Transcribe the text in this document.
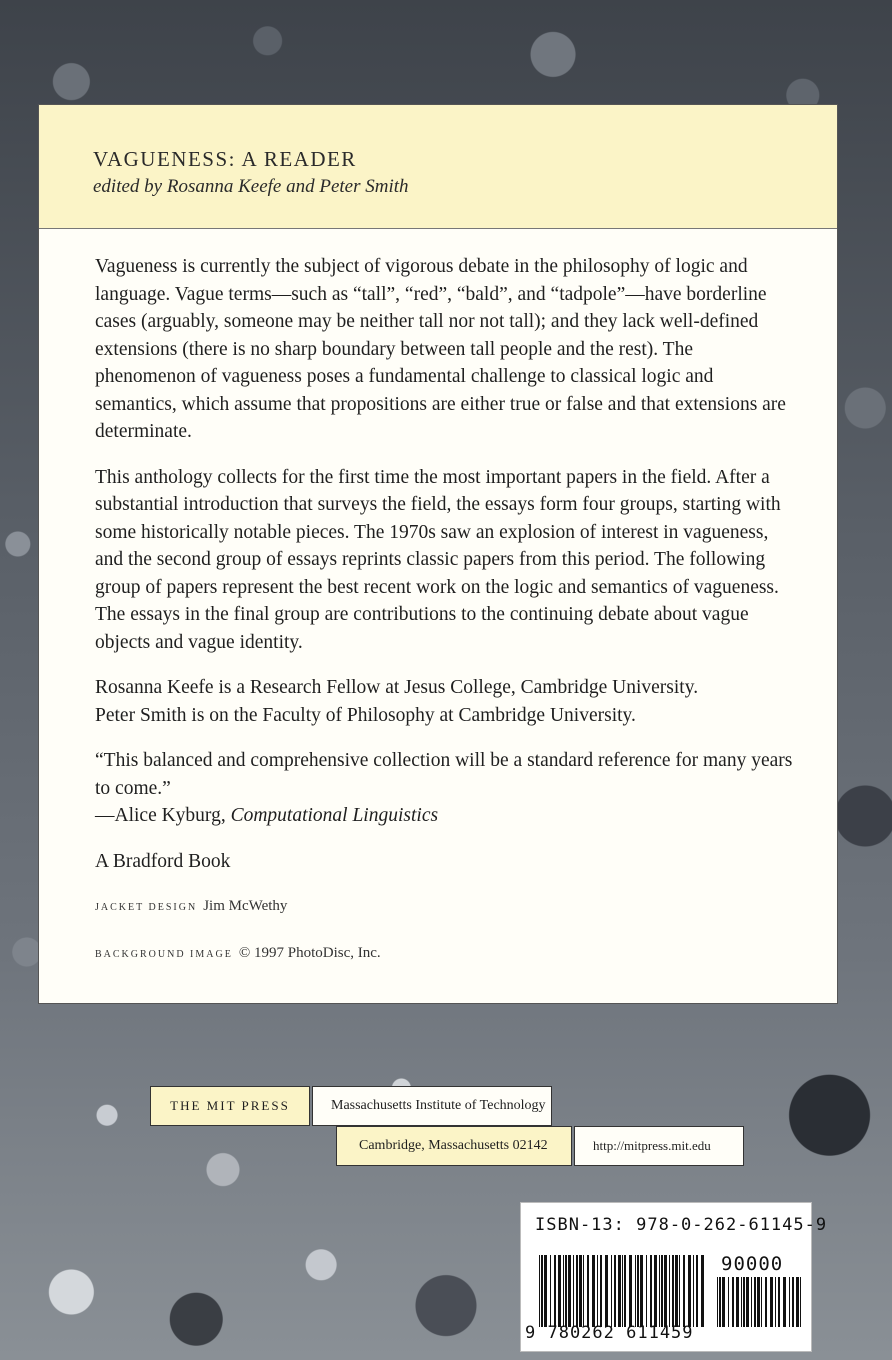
VAGUENESS: A READER
edited by Rosanna Keefe and Peter Smith

Vagueness is currently the subject of vigorous debate in the philosophy of logic and language. Vague terms—such as “tall”, “red”, “bald”, and “tadpole”—have borderline cases (arguably, someone may be neither tall nor not tall); and they lack well-defined extensions (there is no sharp boundary between tall people and the rest). The phenomenon of vagueness poses a fundamental challenge to classical logic and semantics, which assume that propositions are either true or false and that extensions are determinate.

This anthology collects for the first time the most important papers in the field. After a substantial introduction that surveys the field, the essays form four groups, starting with some historically notable pieces. The 1970s saw an explosion of interest in vagueness, and the second group of essays reprints classic papers from this period. The following group of papers represent the best recent work on the logic and semantics of vagueness. The essays in the final group are contributions to the continuing debate about vague objects and vague identity.

Rosanna Keefe is a Research Fellow at Jesus College, Cambridge University.
Peter Smith is on the Faculty of Philosophy at Cambridge University.

“This balanced and comprehensive collection will be a standard reference for many years to come.”

—Alice Kyburg, Computational Linguistics

A Bradford Book

JACKET DESIGN Jim McWethy

BACKGROUND IMAGE © 1997 PhotoDisc, Inc.

THE MIT PRESS	Massachusetts Institute of Technology
Cambridge, Massachusetts 02142	http://mitpress.mit.edu
ISBN-13: 978-0-262-61145-9
90000
9 780262 611459
